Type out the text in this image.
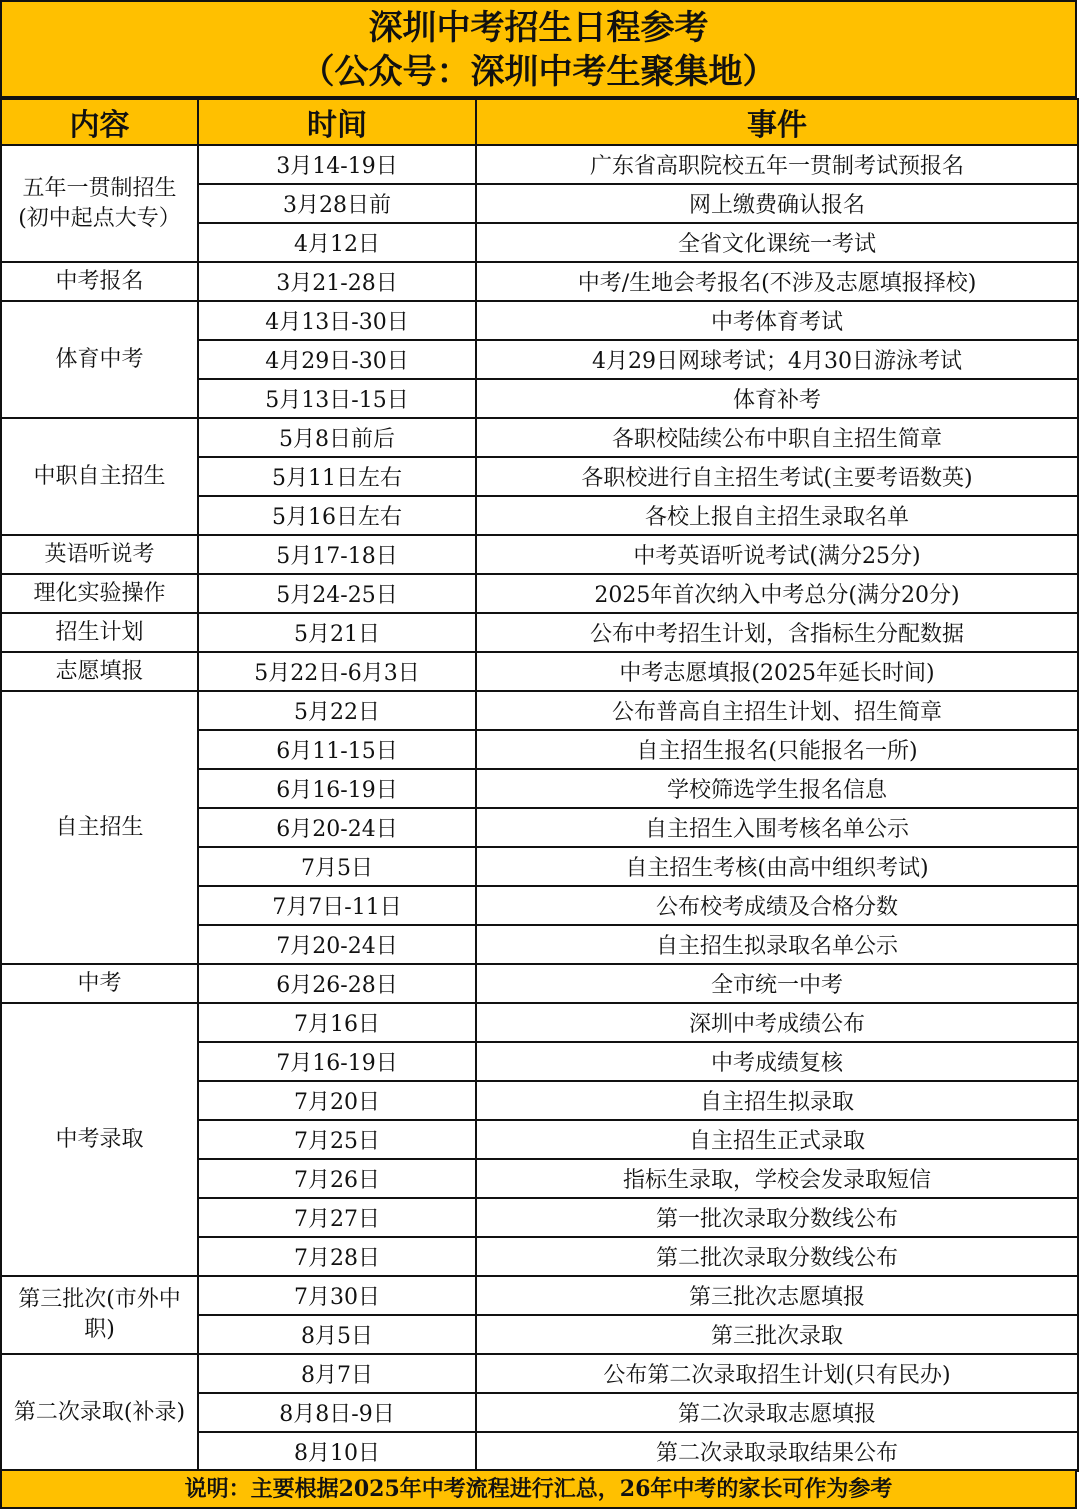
深圳中考招生日程参考
（公众号：深圳中考生聚集地）
内容	时间	事件
五年一贯制招生(初中起点大专）	3月14-19日	广东省高职院校五年一贯制考试预报名
	3月28日前	网上缴费确认报名
	4月12日	全省文化课统一考试
中考报名	3月21-28日	中考/生地会考报名(不涉及志愿填报择校)
体育中考	4月13日-30日	中考体育考试
	4月29日-30日	4月29日网球考试；4月30日游泳考试
	5月13日-15日	体育补考
中职自主招生	5月8日前后	各职校陆续公布中职自主招生简章
	5月11日左右	各职校进行自主招生考试(主要考语数英)
	5月16日左右	各校上报自主招生录取名单
英语听说考	5月17-18日	中考英语听说考试(满分25分)
理化实验操作	5月24-25日	2025年首次纳入中考总分(满分20分)
招生计划	5月21日	公布中考招生计划，含指标生分配数据
志愿填报	5月22日-6月3日	中考志愿填报(2025年延长时间)
自主招生	5月22日	公布普高自主招生计划、招生简章
	6月11-15日	自主招生报名(只能报名一所)
	6月16-19日	学校筛选学生报名信息
	6月20-24日	自主招生入围考核名单公示
	7月5日	自主招生考核(由高中组织考试)
	7月7日-11日	公布校考成绩及合格分数
	7月20-24日	自主招生拟录取名单公示
中考	6月26-28日	全市统一中考
中考录取	7月16日	深圳中考成绩公布
	7月16-19日	中考成绩复核
	7月20日	自主招生拟录取
	7月25日	自主招生正式录取
	7月26日	指标生录取，学校会发录取短信
	7月27日	第一批次录取分数线公布
	7月28日	第二批次录取分数线公布
第三批次(市外中职)	7月30日	第三批次志愿填报
	8月5日	第三批次录取
第二次录取(补录)	8月7日	公布第二次录取招生计划(只有民办)
	8月8日-9日	第二次录取志愿填报
	8月10日	第二次录取录取结果公布
说明：主要根据2025年中考流程进行汇总，26年中考的家长可作为参考
